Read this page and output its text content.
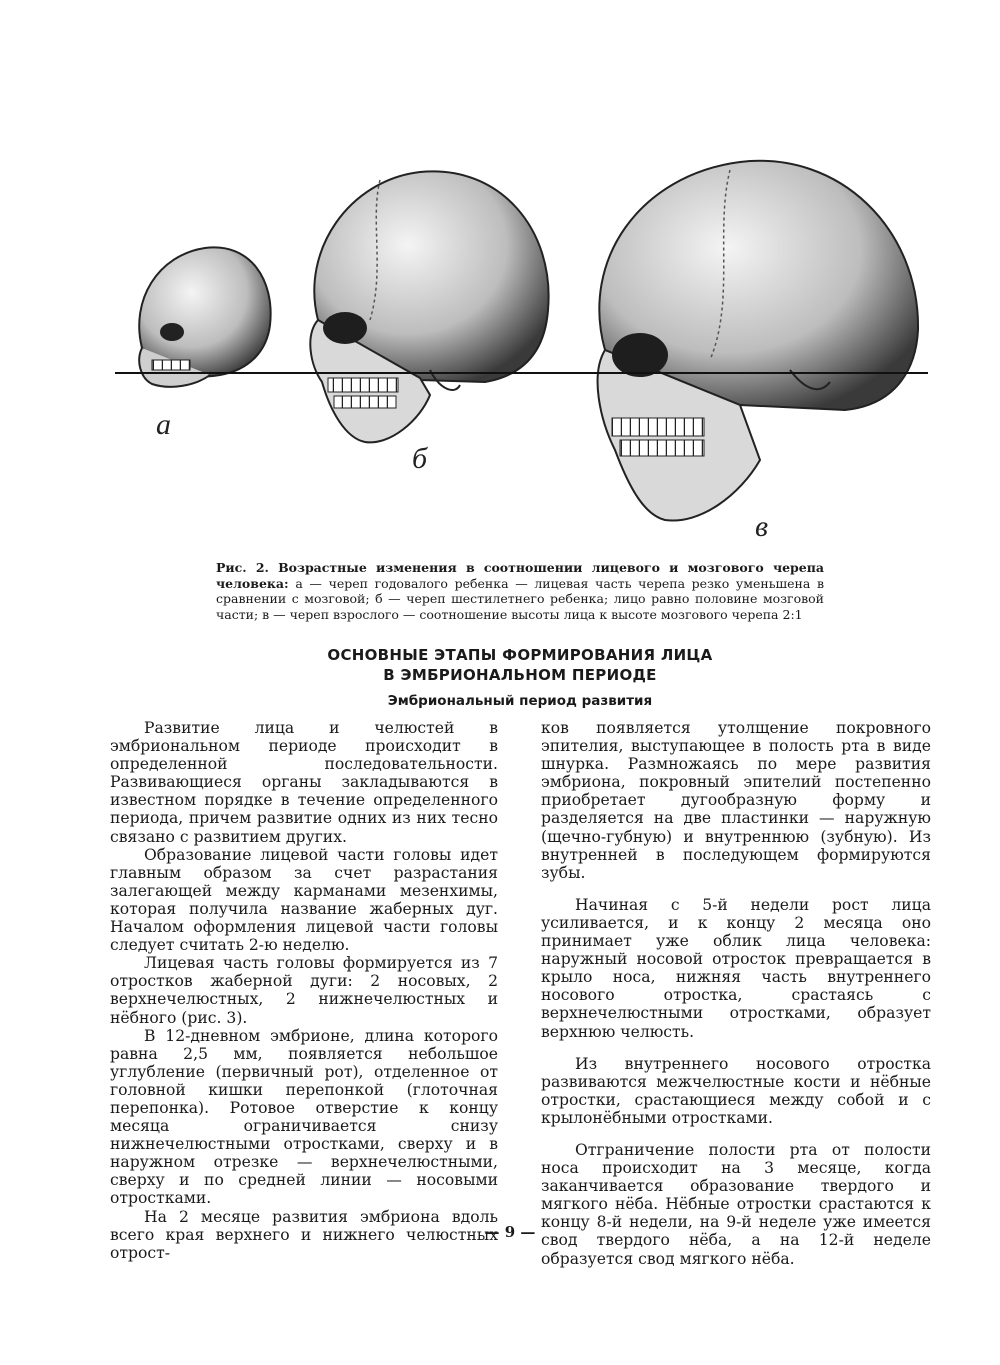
а
б
в

Рис. 2. Возрастные изменения в соотношении лицевого и мозгового черепа человека: а — череп годовалого ребенка — лицевая часть черепа резко уменьшена в сравнении с мозговой; б — череп шестилетнего ребенка; лицо равно половине мозговой части; в — череп взрослого — соотношение высоты лица к высоте мозгового черепа 2:1

ОСНОВНЫЕ ЭТАПЫ ФОРМИРОВАНИЯ ЛИЦА
В ЭМБРИОНАЛЬНОМ ПЕРИОДЕ
Эмбриональный период развития

Развитие лица и челюстей в эмбриональном периоде происходит в определенной последовательности. Развивающиеся органы закладываются в известном порядке в течение определенного периода, причем развитие одних из них тесно связано с развитием других.

Образование лицевой части головы идет главным образом за счет разрастания залегающей между карманами мезенхимы, которая получила название жаберных дуг. Началом оформления лицевой части головы следует считать 2-ю неделю.

Лицевая часть головы формируется из 7 отростков жаберной дуги: 2 носовых, 2 верхнечелюстных, 2 нижнечелюстных и нёбного (рис. 3).

В 12-дневном эмбрионе, длина которого равна 2,5 мм, появляется небольшое углубление (первичный рот), отделенное от головной кишки перепонкой (глоточная перепонка). Ротовое отверстие к концу месяца ограничивается снизу нижнечелюстными отростками, сверху и в наружном отрезке — верхнечелюстными, сверху и по средней линии — носовыми отростками.

На 2 месяце развития эмбриона вдоль всего края верхнего и нижнего челюстных отрост-

ков появляется утолщение покровного эпителия, выступающее в полость рта в виде шнурка. Размножаясь по мере развития эмбриона, покровный эпителий постепенно приобретает дугообразную форму и разделяется на две пластинки — наружную (щечно-губную) и внутреннюю (зубную). Из внутренней в последующем формируются зубы.

Начиная с 5-й недели рост лица усиливается, и к концу 2 месяца оно принимает уже облик лица человека: наружный носовой отросток превращается в крыло носа, нижняя часть внутреннего носового отростка, срастаясь с верхнечелюстными отростками, образует верхнюю челюсть.

Из внутреннего носового отростка развиваются межчелюстные кости и нёбные отростки, срастающиеся между собой и с крылонёбными отростками.

Отграничение полости рта от полости носа происходит на 3 месяце, когда заканчивается образование твердого и мягкого нёба. Нёбные отростки срастаются к концу 8-й недели, на 9-й неделе уже имеется свод твердого нёба, а на 12-й неделе образуется свод мягкого нёба.

— 9 —
